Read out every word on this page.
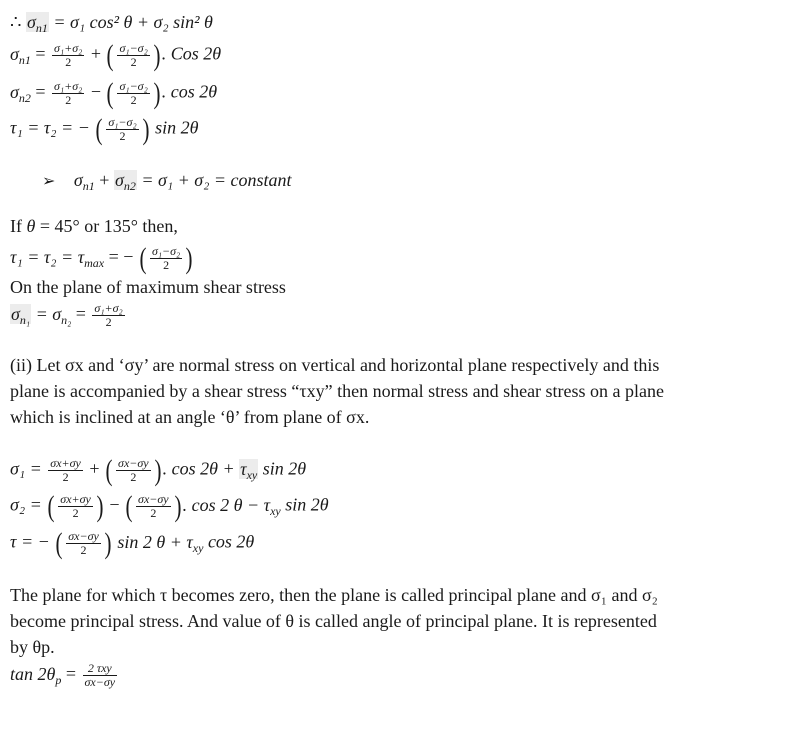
∴ $\sigma_{n1} = \sigma_1$ cos² θ + σ₂ sin² θ
$\sigma_{n1} = \frac{\text{σ₁+σ₂}}{2}$ + ( $\frac{\text{σ₁−σ₂}}{2}$ ). Cos 2θ
$\sigma_{n2} = \frac{\text{σ₁+σ₂}}{2}$ − ( $\frac{\text{σ₁−σ₂}}{2}$ ). cos 2θ
τ₁ = τ₂ = − ( $\frac{\text{σ₁−σ₂}}{2}$ ) sin 2θ
➢ $\sigma_{n1} + \sigma_{n2} = \sigma_1 + \sigma_2$ = constant
If θ = 45° or 135° then,
$\tau_1 = \tau_2 = \tau_{max}$ = − ( $\frac{\text{σ₁−σ₂}}{2}$ )
On the plane of maximum shear stress
$\sigma_{n_1} = \sigma_{n_2} = \frac{\text{σ₁+σ₂}}{2}$
(ii) Let σx and ‘σy’ are normal stress on vertical and horizontal plane respectively and this
plane is accompanied by a shear stress “τxy” then normal stress and shear stress on a plane
which is inclined at an angle ‘θ’ from plane of σx.
$\sigma_1 = \frac{\sigma x+\sigma y}{2}$ + ( $\frac{\sigma x-\sigma y}{2}$ ). $\cos 2\theta + \tau_{xy}$ sin 2θ
σ₂ = ( $\frac{\sigma x+\sigma y}{2}$ ) − ( $\frac{\sigma x-\sigma y}{2}$ ). cos 2 $\theta - \tau_{xy}$ sin 2θ
τ = − ( $\frac{\sigma x-\sigma y}{2}$ ) sin 2 $\theta + \tau_{xy}$ cos 2θ
The plane for which τ becomes zero, then the plane is called principal plane and σ₁ and σ₂
become principal stress. And value of θ is called angle of principal plane. It is represented
by θp.
$\tan 2\theta_p = \frac{\text{2 τxy}}{\sigma x-\sigma y}$
